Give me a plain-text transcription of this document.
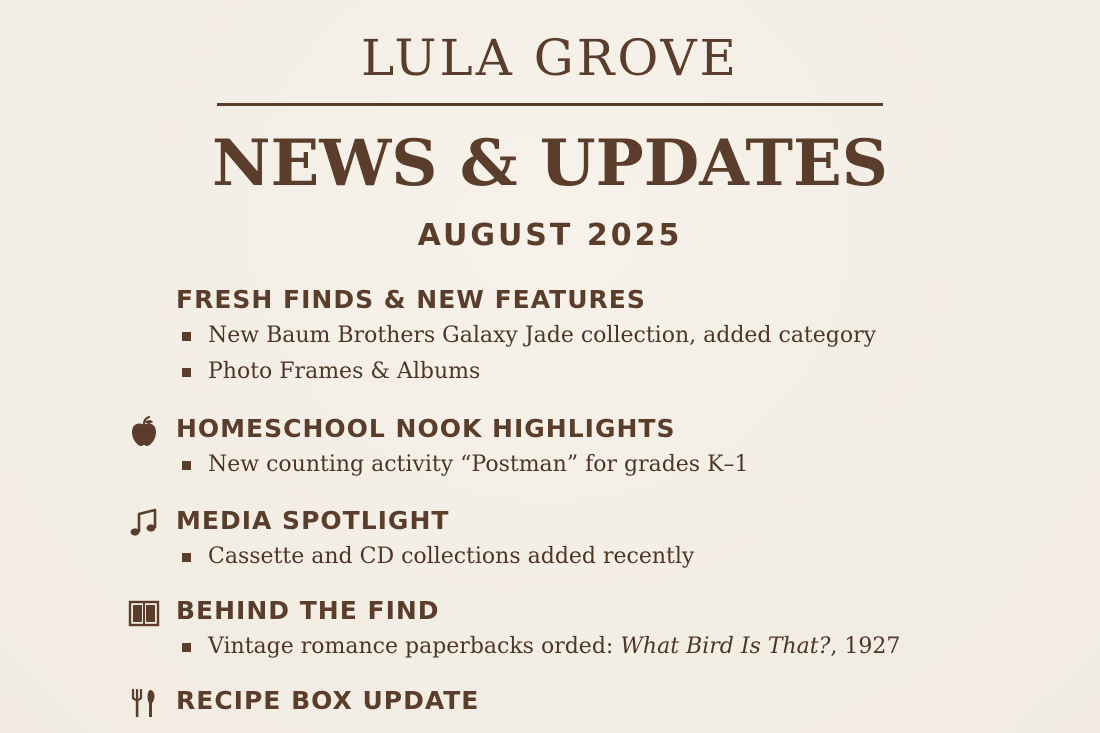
LULA GROVE
NEWS & UPDATES
AUGUST 2025
FRESH FINDS & NEW FEATURES
New Baum Brothers Galaxy Jade collection, added category
Photo Frames & Albums
HOMESCHOOL NOOK HIGHLIGHTS
New counting activity “Postman” for grades K–1
MEDIA SPOTLIGHT
Cassette and CD collections added recently
BEHIND THE FIND
Vintage romance paperbacks orded: What Bird Is That?, 1927
RECIPE BOX UPDATE
